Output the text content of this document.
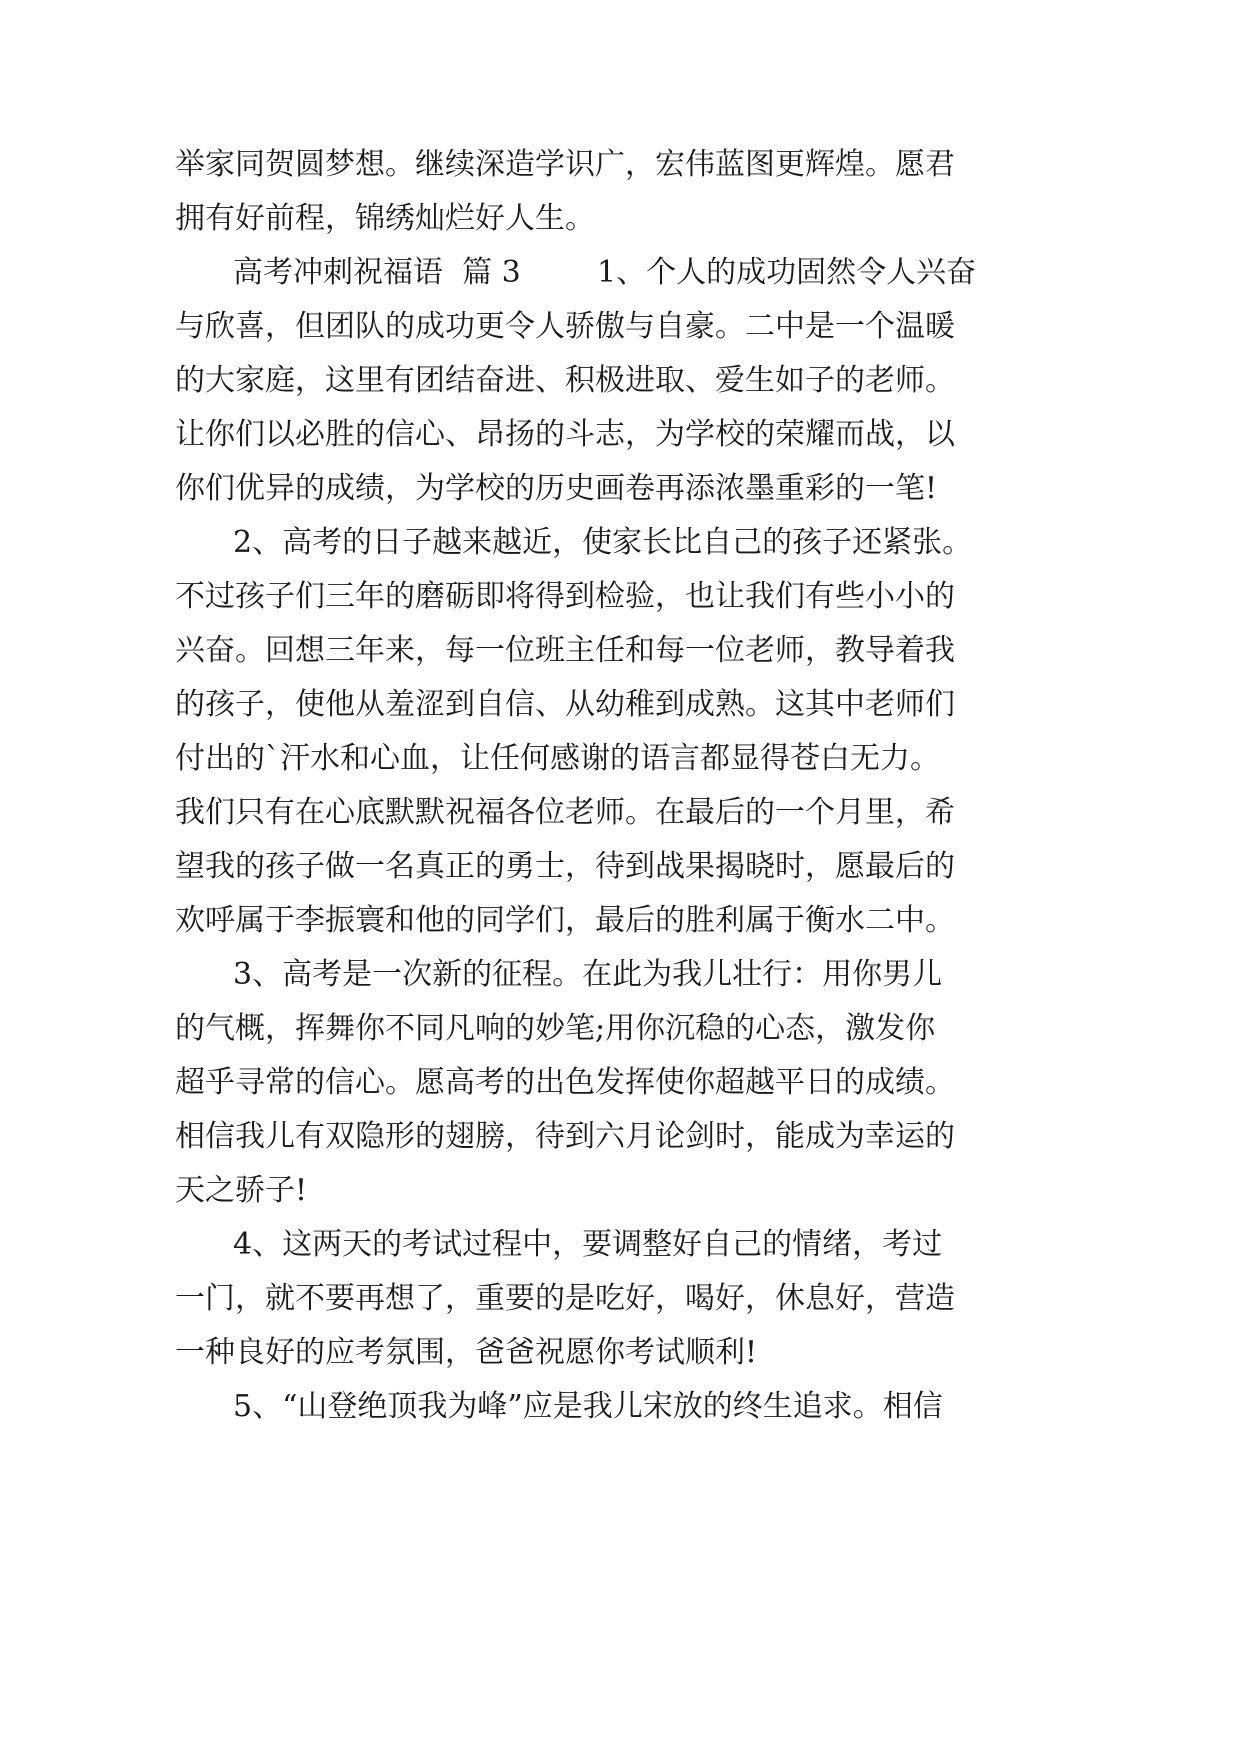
举家同贺圆梦想。继续深造学识广，宏伟蓝图更辉煌。愿君
拥有好前程，锦绣灿烂好人生。
高考冲刺祝福语  篇 3        1、个人的成功固然令人兴奋
与欣喜，但团队的成功更令人骄傲与自豪。二中是一个温暖
的大家庭，这里有团结奋进、积极进取、爱生如子的老师。
让你们以必胜的信心、昂扬的斗志，为学校的荣耀而战，以
你们优异的成绩，为学校的历史画卷再添浓墨重彩的一笔!
2、高考的日子越来越近，使家长比自己的孩子还紧张。
不过孩子们三年的磨砺即将得到检验，也让我们有些小小的
兴奋。回想三年来，每一位班主任和每一位老师，教导着我
的孩子，使他从羞涩到自信、从幼稚到成熟。这其中老师们
付出的`汗水和心血，让任何感谢的语言都显得苍白无力。
我们只有在心底默默祝福各位老师。在最后的一个月里，希
望我的孩子做一名真正的勇士，待到战果揭晓时，愿最后的
欢呼属于李振寰和他的同学们，最后的胜利属于衡水二中。
3、高考是一次新的征程。在此为我儿壮行：用你男儿
的气概，挥舞你不同凡响的妙笔;用你沉稳的心态，激发你
超乎寻常的信心。愿高考的出色发挥使你超越平日的成绩。
相信我儿有双隐形的翅膀，待到六月论剑时，能成为幸运的
天之骄子!
4、这两天的考试过程中，要调整好自己的情绪，考过
一门，就不要再想了，重要的是吃好，喝好，休息好，营造
一种良好的应考氛围，爸爸祝愿你考试顺利!
5、“山登绝顶我为峰”应是我儿宋放的终生追求。相信
